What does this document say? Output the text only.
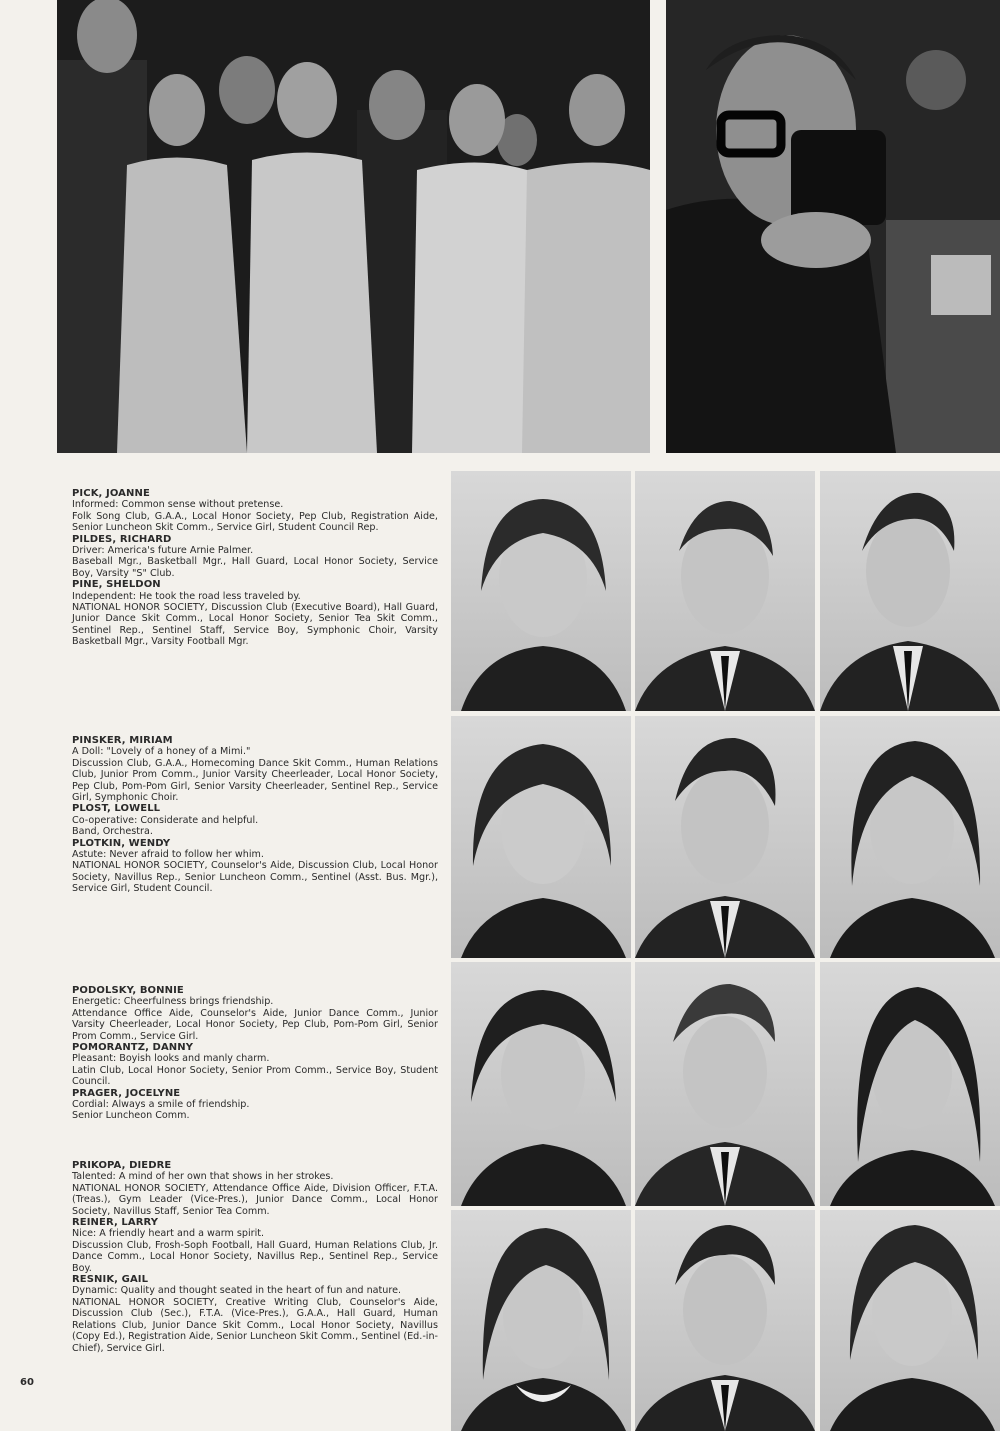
PICK, JOANNE
Informed: Common sense without pretense.
Folk Song Club, G.A.A., Local Honor Society, Pep Club, Registration Aide, Senior Luncheon Skit Comm., Service Girl, Student Council Rep.
PILDES, RICHARD
Driver: America's future Arnie Palmer.
Baseball Mgr., Basketball Mgr., Hall Guard, Local Honor Society, Service Boy, Varsity "S" Club.
PINE, SHELDON
Independent: He took the road less traveled by.
NATIONAL HONOR SOCIETY, Discussion Club (Executive Board), Hall Guard, Junior Dance Skit Comm., Local Honor Society, Senior Tea Skit Comm., Sentinel Rep., Sentinel Staff, Service Boy, Symphonic Choir, Varsity Basketball Mgr., Varsity Football Mgr.
PINSKER, MIRIAM
A Doll: "Lovely of a honey of a Mimi."
Discussion Club, G.A.A., Homecoming Dance Skit Comm., Human Relations Club, Junior Prom Comm., Junior Varsity Cheerleader, Local Honor Society, Pep Club, Pom-Pom Girl, Senior Varsity Cheerleader, Sentinel Rep., Service Girl, Symphonic Choir.
PLOST, LOWELL
Co-operative: Considerate and helpful.
Band, Orchestra.
PLOTKIN, WENDY
Astute: Never afraid to follow her whim.
NATIONAL HONOR SOCIETY, Counselor's Aide, Discussion Club, Local Honor Society, Navillus Rep., Senior Luncheon Comm., Sentinel (Asst. Bus. Mgr.), Service Girl, Student Council.
PODOLSKY, BONNIE
Energetic: Cheerfulness brings friendship.
Attendance Office Aide, Counselor's Aide, Junior Dance Comm., Junior Varsity Cheerleader, Local Honor Society, Pep Club, Pom-Pom Girl, Senior Prom Comm., Service Girl.
POMORANTZ, DANNY
Pleasant: Boyish looks and manly charm.
Latin Club, Local Honor Society, Senior Prom Comm., Service Boy, Student Council.
PRAGER, JOCELYNE
Cordial: Always a smile of friendship.
Senior Luncheon Comm.
PRIKOPA, DIEDRE
Talented: A mind of her own that shows in her strokes.
NATIONAL HONOR SOCIETY, Attendance Office Aide, Division Officer, F.T.A. (Treas.), Gym Leader (Vice-Pres.), Junior Dance Comm., Local Honor Society, Navillus Staff, Senior Tea Comm.
REINER, LARRY
Nice: A friendly heart and a warm spirit.
Discussion Club, Frosh-Soph Football, Hall Guard, Human Relations Club, Jr. Dance Comm., Local Honor Society, Navillus Rep., Sentinel Rep., Service Boy.
RESNIK, GAIL
Dynamic: Quality and thought seated in the heart of fun and nature.
NATIONAL HONOR SOCIETY, Creative Writing Club, Counselor's Aide, Discussion Club (Sec.), F.T.A. (Vice-Pres.), G.A.A., Hall Guard, Human Relations Club, Junior Dance Skit Comm., Local Honor Society, Navillus (Copy Ed.), Registration Aide, Senior Luncheon Skit Comm., Sentinel (Ed.-in-Chief), Service Girl.
60
